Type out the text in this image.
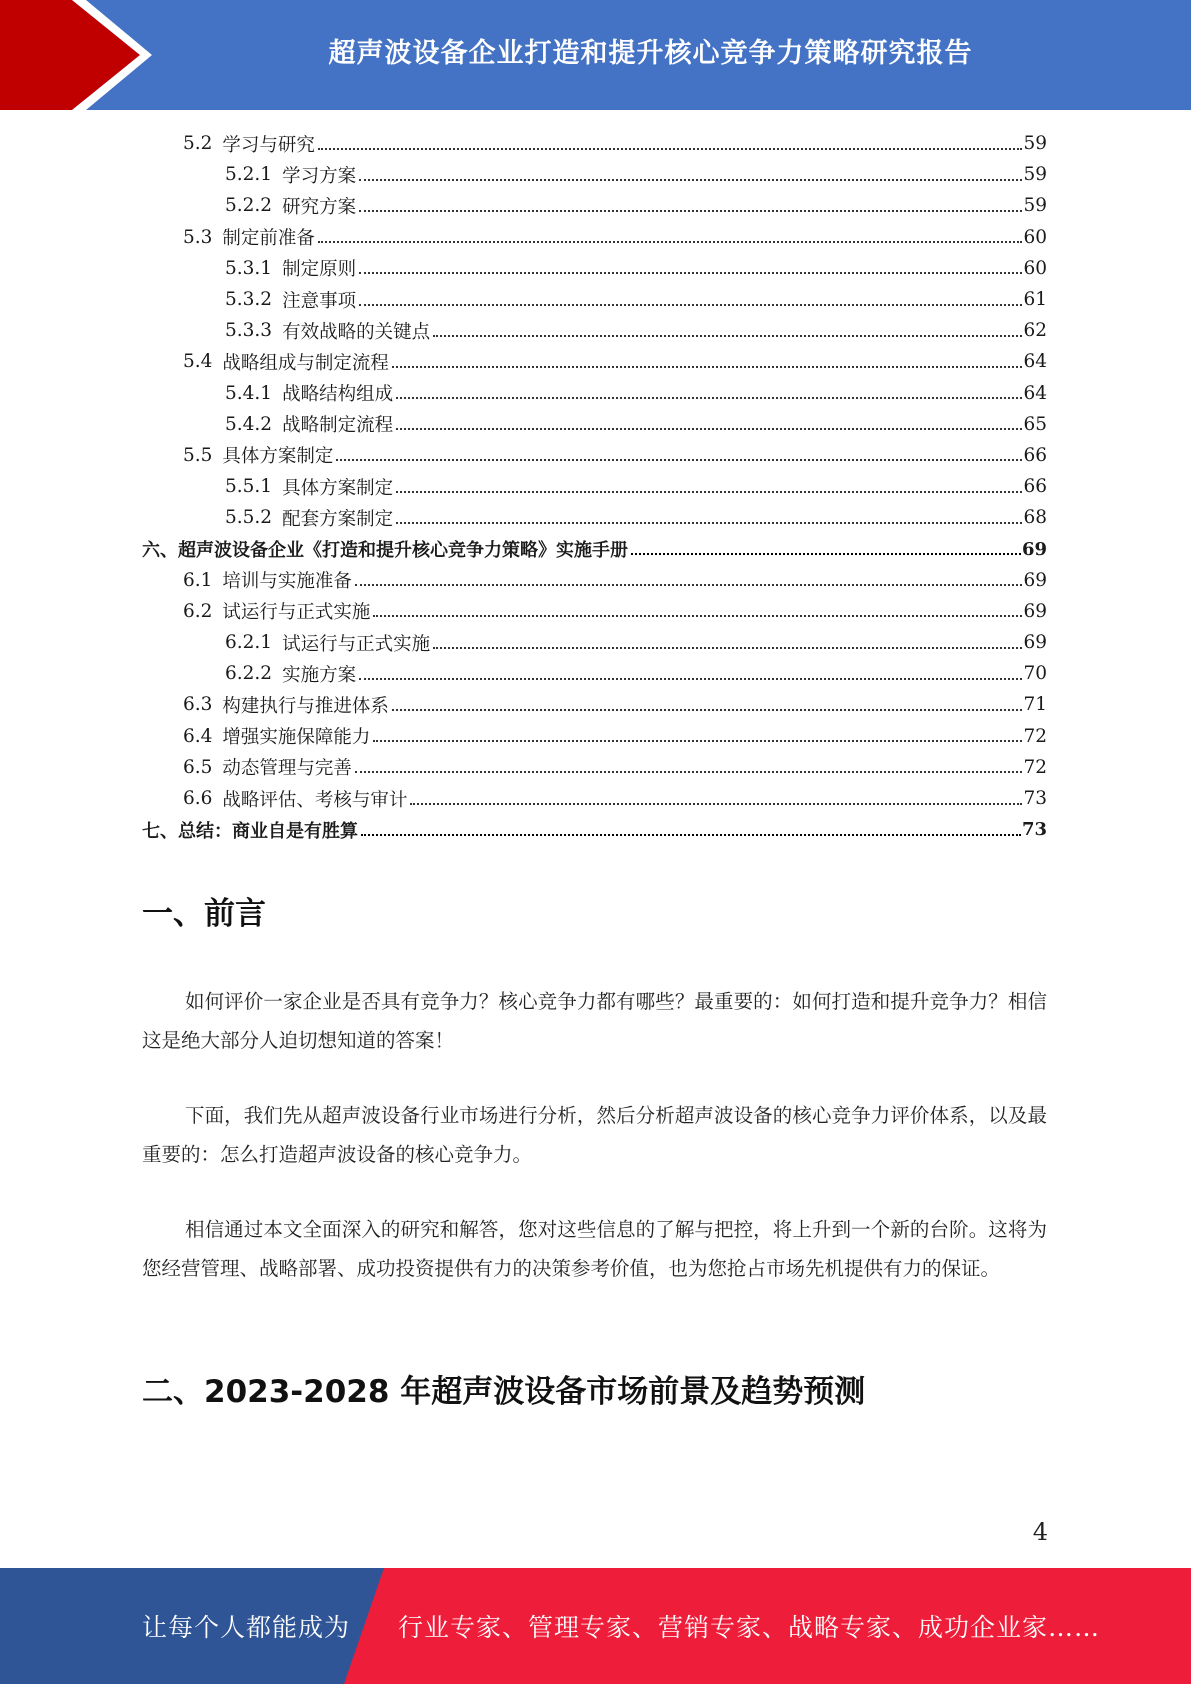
超声波设备企业打造和提升核心竞争力策略研究报告
5.2 学习与研究	59
5.2.1 学习方案	59
5.2.2 研究方案	59
5.3 制定前准备	60
5.3.1 制定原则	60
5.3.2 注意事项	61
5.3.3 有效战略的关键点	62
5.4 战略组成与制定流程	64
5.4.1 战略结构组成	64
5.4.2 战略制定流程	65
5.5 具体方案制定	66
5.5.1 具体方案制定	66
5.5.2 配套方案制定	68
六、超声波设备企业《打造和提升核心竞争力策略》实施手册	69
6.1 培训与实施准备	69
6.2 试运行与正式实施	69
6.2.1 试运行与正式实施	69
6.2.2 实施方案	70
6.3 构建执行与推进体系	71
6.4 增强实施保障能力	72
6.5 动态管理与完善	72
6.6 战略评估、考核与审计	73
七、总结：商业自是有胜算	73
一、前言
如何评价一家企业是否具有竞争力？核心竞争力都有哪些？最重要的：如何打造和提升竞争力？相信这是绝大部分人迫切想知道的答案！
下面，我们先从超声波设备行业市场进行分析，然后分析超声波设备的核心竞争力评价体系，以及最重要的：怎么打造超声波设备的核心竞争力。
相信通过本文全面深入的研究和解答，您对这些信息的了解与把控，将上升到一个新的台阶。这将为您经营管理、战略部署、成功投资提供有力的决策参考价值，也为您抢占市场先机提供有力的保证。
二、2023-2028 年超声波设备市场前景及趋势预测
4
让每个人都能成为 行业专家、管理专家、营销专家、战略专家、成功企业家……
